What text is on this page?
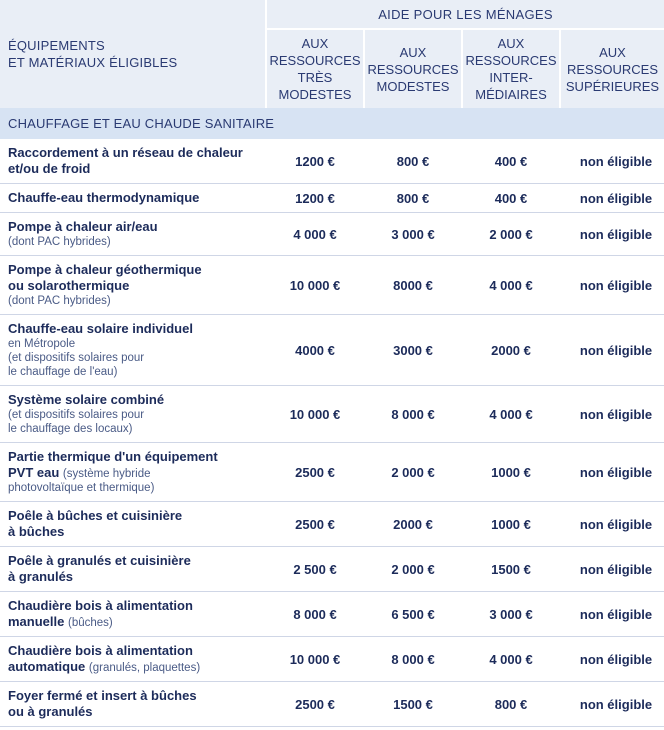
ÉQUIPEMENTS
ET MATÉRIAUX ÉLIGIBLES	AIDE POUR LES MÉNAGES			

	AUX
RESSOURCES
TRÈS
MODESTES	AUX
RESSOURCES
MODESTES	AUX
RESSOURCES
INTER-
MÉDIAIRES	AUX
RESSOURCES
SUPÉRIEURES

CHAUFFAGE ET EAU CHAUDE SANITAIRE				

Raccordement à un réseau de chaleur
et/ou de froid	1200 €	800 €	400 €	non éligible

Chauffe-eau thermodynamique	1200 €	800 €	400 €	non éligible

Pompe à chaleur air/eau
(dont PAC hybrides)	4 000 €	3 000 €	2 000 €	non éligible

Pompe à chaleur géothermique
ou solarothermique
(dont PAC hybrides)	10 000 €	8000 €	4 000 €	non éligible

Chauffe-eau solaire individuel
en Métropole
(et dispositifs solaires pour
le chauffage de l'eau)	4000 €	3000 €	2000 €	non éligible

Système solaire combiné
(et dispositifs solaires pour
le chauffage des locaux)	10 000 €	8 000 €	4 000 €	non éligible

Partie thermique d'un équipement
PVT eau (système hybride
photovoltaïque et thermique)	2500 €	2 000 €	1000 €	non éligible

Poêle à bûches et cuisinière
à bûches	2500 €	2000 €	1000 €	non éligible

Poêle à granulés et cuisinière
à granulés	2 500 €	2 000 €	1500 €	non éligible

Chaudière bois à alimentation
manuelle (bûches)	8 000 €	6 500 €	3 000 €	non éligible

Chaudière bois à alimentation
automatique (granulés, plaquettes)	10 000 €	8 000 €	4 000 €	non éligible

Foyer fermé et insert à bûches
ou à granulés	2500 €	1500 €	800 €	non éligible
